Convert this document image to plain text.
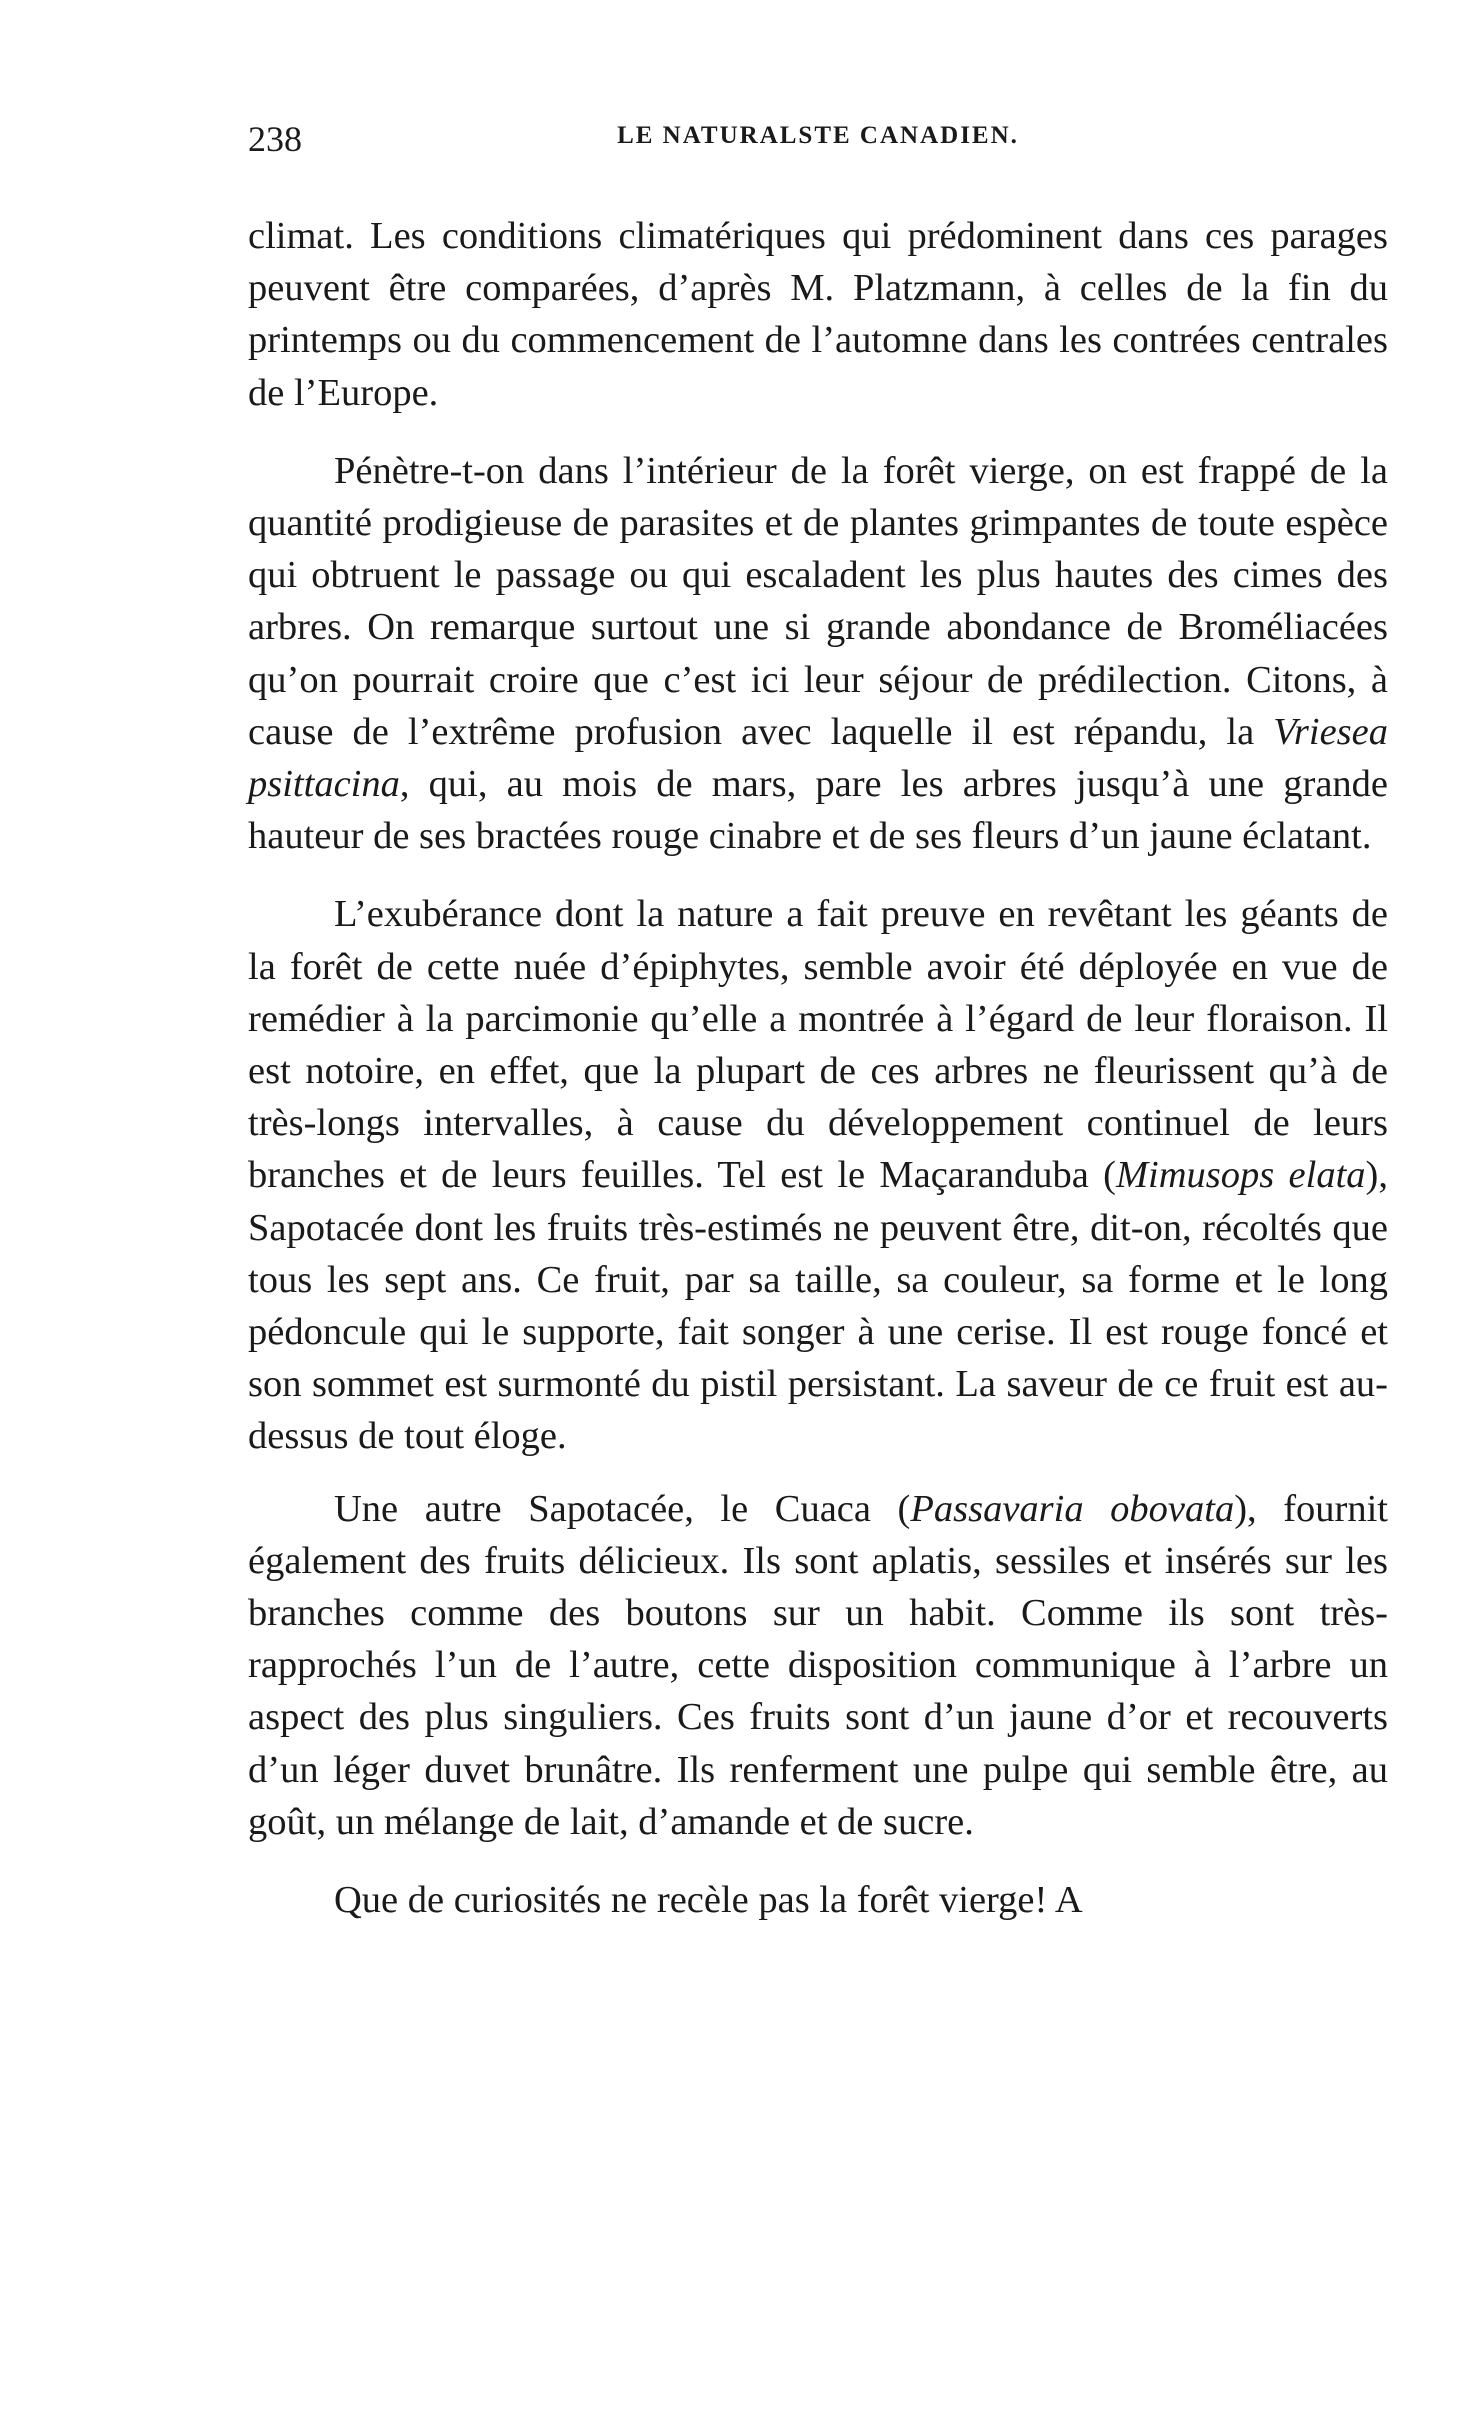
238	LE NATURALSTE CANADIEN.

climat. Les conditions climatériques qui prédominent dans ces parages peuvent être comparées, d’après M. Platzmann, à celles de la fin du printemps ou du commencement de l’automne dans les contrées centrales de l’Europe.

Pénètre-t-on dans l’intérieur de la forêt vierge, on est frappé de la quantité prodigieuse de parasites et de plantes grimpantes de toute espèce qui obtruent le passage ou qui escaladent les plus hautes des cimes des arbres. On remarque surtout une si grande abondance de Broméliacées qu’on pourrait croire que c’est ici leur séjour de prédilection. Citons, à cause de l’extrême profusion avec laquelle il est répandu, la Vriesea psittacina, qui, au mois de mars, pare les arbres jusqu’à une grande hauteur de ses bractées rouge cinabre et de ses fleurs d’un jaune éclatant.

L’exubérance dont la nature a fait preuve en revêtant les géants de la forêt de cette nuée d’épiphytes, semble avoir été déployée en vue de remédier à la parcimonie qu’elle a montrée à l’égard de leur floraison. Il est notoire, en effet, que la plupart de ces arbres ne fleurissent qu’à de très-longs intervalles, à cause du développement continuel de leurs branches et de leurs feuilles. Tel est le Maçaranduba (Mimusops elata), Sapotacée dont les fruits très-estimés ne peuvent être, dit-on, récoltés que tous les sept ans. Ce fruit, par sa taille, sa couleur, sa forme et le long pédoncule qui le supporte, fait songer à une cerise. Il est rouge foncé et son sommet est surmonté du pistil persistant. La saveur de ce fruit est au-dessus de tout éloge.

Une autre Sapotacée, le Cuaca (Passavaria obovata), fournit également des fruits délicieux. Ils sont aplatis, sessiles et insérés sur les branches comme des boutons sur un habit. Comme ils sont très-rapprochés l’un de l’autre, cette disposition communique à l’arbre un aspect des plus singuliers. Ces fruits sont d’un jaune d’or et recouverts d’un léger duvet brunâtre. Ils renferment une pulpe qui semble être, au goût, un mélange de lait, d’amande et de sucre.

Que de curiosités ne recèle pas la forêt vierge! A
